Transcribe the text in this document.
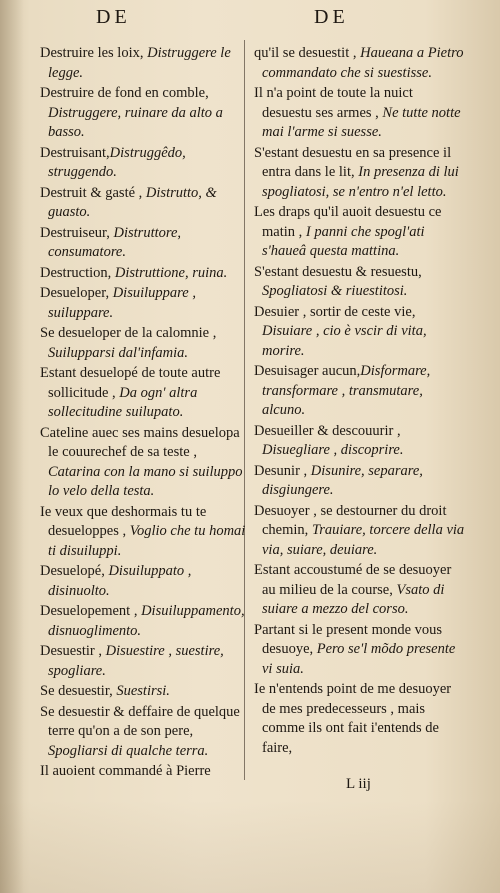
DE	DE
Destruire les loix, Distruggere le legge.
Destruire de fond en comble, Distruggere, ruinare da alto a basso.
Destruisant,Distruggêdo, struggendo.
Destruit & gasté , Distrutto, & guasto.
Destruiseur, Distruttore, consumatore.
Destruction, Distruttione, ruina.
Desueloper, Disuiluppare , suiluppare.
Se desueloper de la calomnie , Suilupparsi dal'infamia.
Estant desuelopé de toute autre sollicitude , Da ogn' altra sollecitudine suilupato.
Cateline auec ses mains desuelopa le couurechef de sa teste , Catarina con la mano si suiluppo lo velo della testa.
Ie veux que deshormais tu te desueloppes , Voglio che tu homai ti disuiluppi.
Desuelopé, Disuiluppato , disinuolto.
Desuelopement , Disuiluppamento, disnuoglimento.
Desuestir , Disuestire , suestire, spogliare.
Se desuestir, Suestirsi.
Se desuestir & deffaire de quelque terre qu'on a de son pere, Spogliarsi di qualche terra.
Il auoient commandé à Pierre
qu'il se desuestit , Haueana a Pietro commandato che si suestisse.
Il n'a point de toute la nuict desuestu ses armes , Ne tutte notte mai l'arme si suesse.
S'estant desuestu en sa presence il entra dans le lit, In presenza di lui spogliatosi, se n'entro n'el letto.
Les draps qu'il auoit desuestu ce matin , I panni che spogl'ati s'haueâ questa mattina.
S'estant desuestu & resuestu, Spogliatosi & riuestitosi.
Desuier , sortir de ceste vie, Disuiare , cio è vscir di vita, morire.
Desuisager aucun,Disformare, transformare , transmutare, alcuno.
Desueiller & descouurir , Disuegliare , discoprire.
Desunir , Disunire, separare, disgiungere.
Desuoyer , se destourner du droit chemin, Trauiare, torcere della via via, suiare, deuiare.
Estant accoustumé de se desuoyer au milieu de la course, Vsato di suiare a mezzo del corso.
Partant si le present monde vous desuoye, Pero se'l mõdo presente vi suia.
Ie n'entends point de me desuoyer de mes predecesseurs , mais comme ils ont fait i'entends de faire,
L iij
